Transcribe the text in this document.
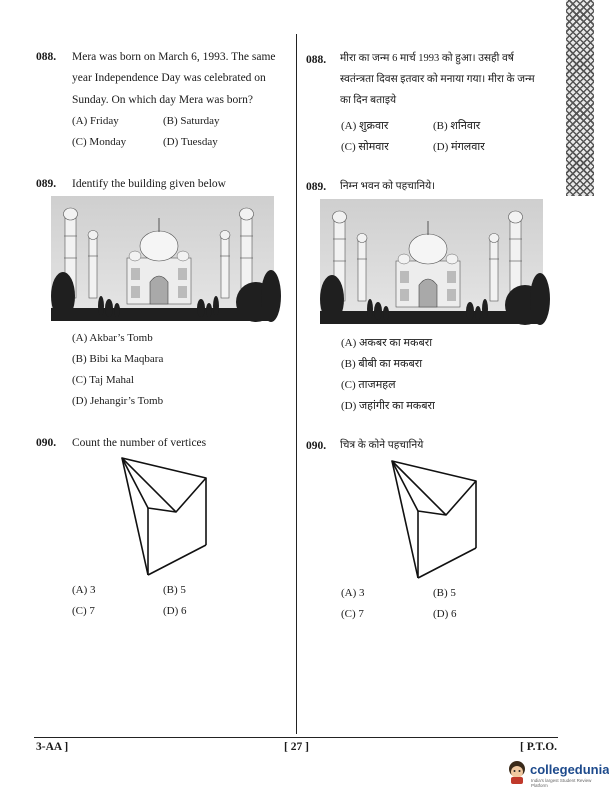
088. Mera was born on March 6, 1993. The same
year Independence Day was celebrated on
Sunday. On which day Mera was born?
(A) Friday	(B) Saturday
(C) Monday	(D) Tuesday
088. मीरा का जन्म 6 मार्च 1993 को हुआ। उसही वर्ष
स्वतंन्त्रता दिवस इतवार को मनाया गया। मीरा के जन्म
का दिन बताइये
(A) शुक्रवार	(B) शनिवार
(C) सोमवार	(D) मंगलवार
089. Identify the building given below
(A) Akbar’s Tomb
(B) Bibi ka Maqbara
(C) Taj Mahal
(D) Jehangir’s Tomb
089. निम्न भवन को पहचानिये।
(A) अकबर का मकबरा
(B) बीबी का मकबरा
(C) ताजमहल
(D) जहांगीर का मकबरा
090. Count the number of vertices
(A) 3	(B) 5
(C) 7	(D) 6
090. चित्र के कोने पहचानिये
(A) 3	(B) 5
(C) 7	(D) 6
3-AA ]	[ 27 ]	[ P.T.O.
collegedunia
India's largest Student Review Platform
